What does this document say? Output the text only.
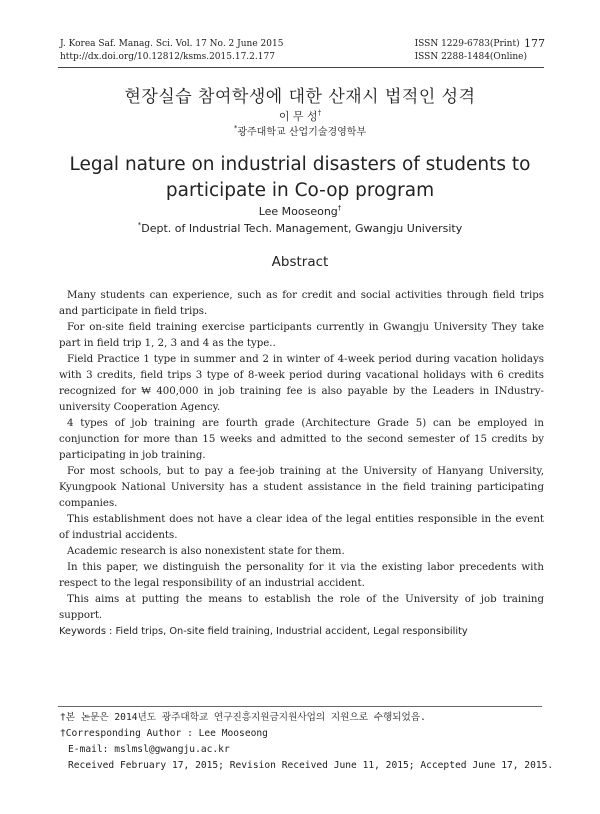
J. Korea Saf. Manag. Sci. Vol. 17 No. 2 June 2015
http://dx.doi.org/10.12812/ksms.2015.17.2.177
ISSN 1229-6783(Print)
ISSN 2288-1484(Online)
177
현장실습 참여학생에 대한 산재시 법적인 성격
이 무 성†
*광주대학교 산업기술경영학부
Legal nature on industrial disasters of students to participate in Co-op program
Lee Mooseong†
*Dept. of Industrial Tech. Management, Gwangju University
Abstract

Many students can experience, such as for credit and social activities through field trips and participate in field trips.

For on-site field training exercise participants currently in Gwangju University They take part in field trip 1, 2, 3 and 4 as the type..

Field Practice 1 type in summer and 2 in winter of 4-week period during vacation holidays with 3 credits, field trips 3 type of 8-week period during vacational holidays with 6 credits recognized for ₩ 400,000 in job training fee is also payable by the Leaders in INdustry-university Cooperation Agency.

4 types of job training are fourth grade (Architecture Grade 5) can be employed in conjunction for more than 15 weeks and admitted to the second semester of 15 credits by participating in job training.

For most schools, but to pay a fee-job training at the University of Hanyang University, Kyungpook National University has a student assistance in the field training participating companies.

This establishment does not have a clear idea of the legal entities responsible in the event of industrial accidents.

Academic research is also nonexistent state for them.

In this paper, we distinguish the personality for it via the existing labor precedents with respect to the legal responsibility of an industrial accident.

This aims at putting the means to establish the role of the University of job training support.

Keywords : Field trips, On-site field training, Industrial accident, Legal responsibility

†본 논문은 2014년도 광주대학교 연구진흥지원금지원사업의 지원으로 수행되었음.
†Corresponding Author : Lee Mooseong
E-mail: mslmsl@gwangju.ac.kr
Received February 17, 2015; Revision Received June 11, 2015; Accepted June 17, 2015.
